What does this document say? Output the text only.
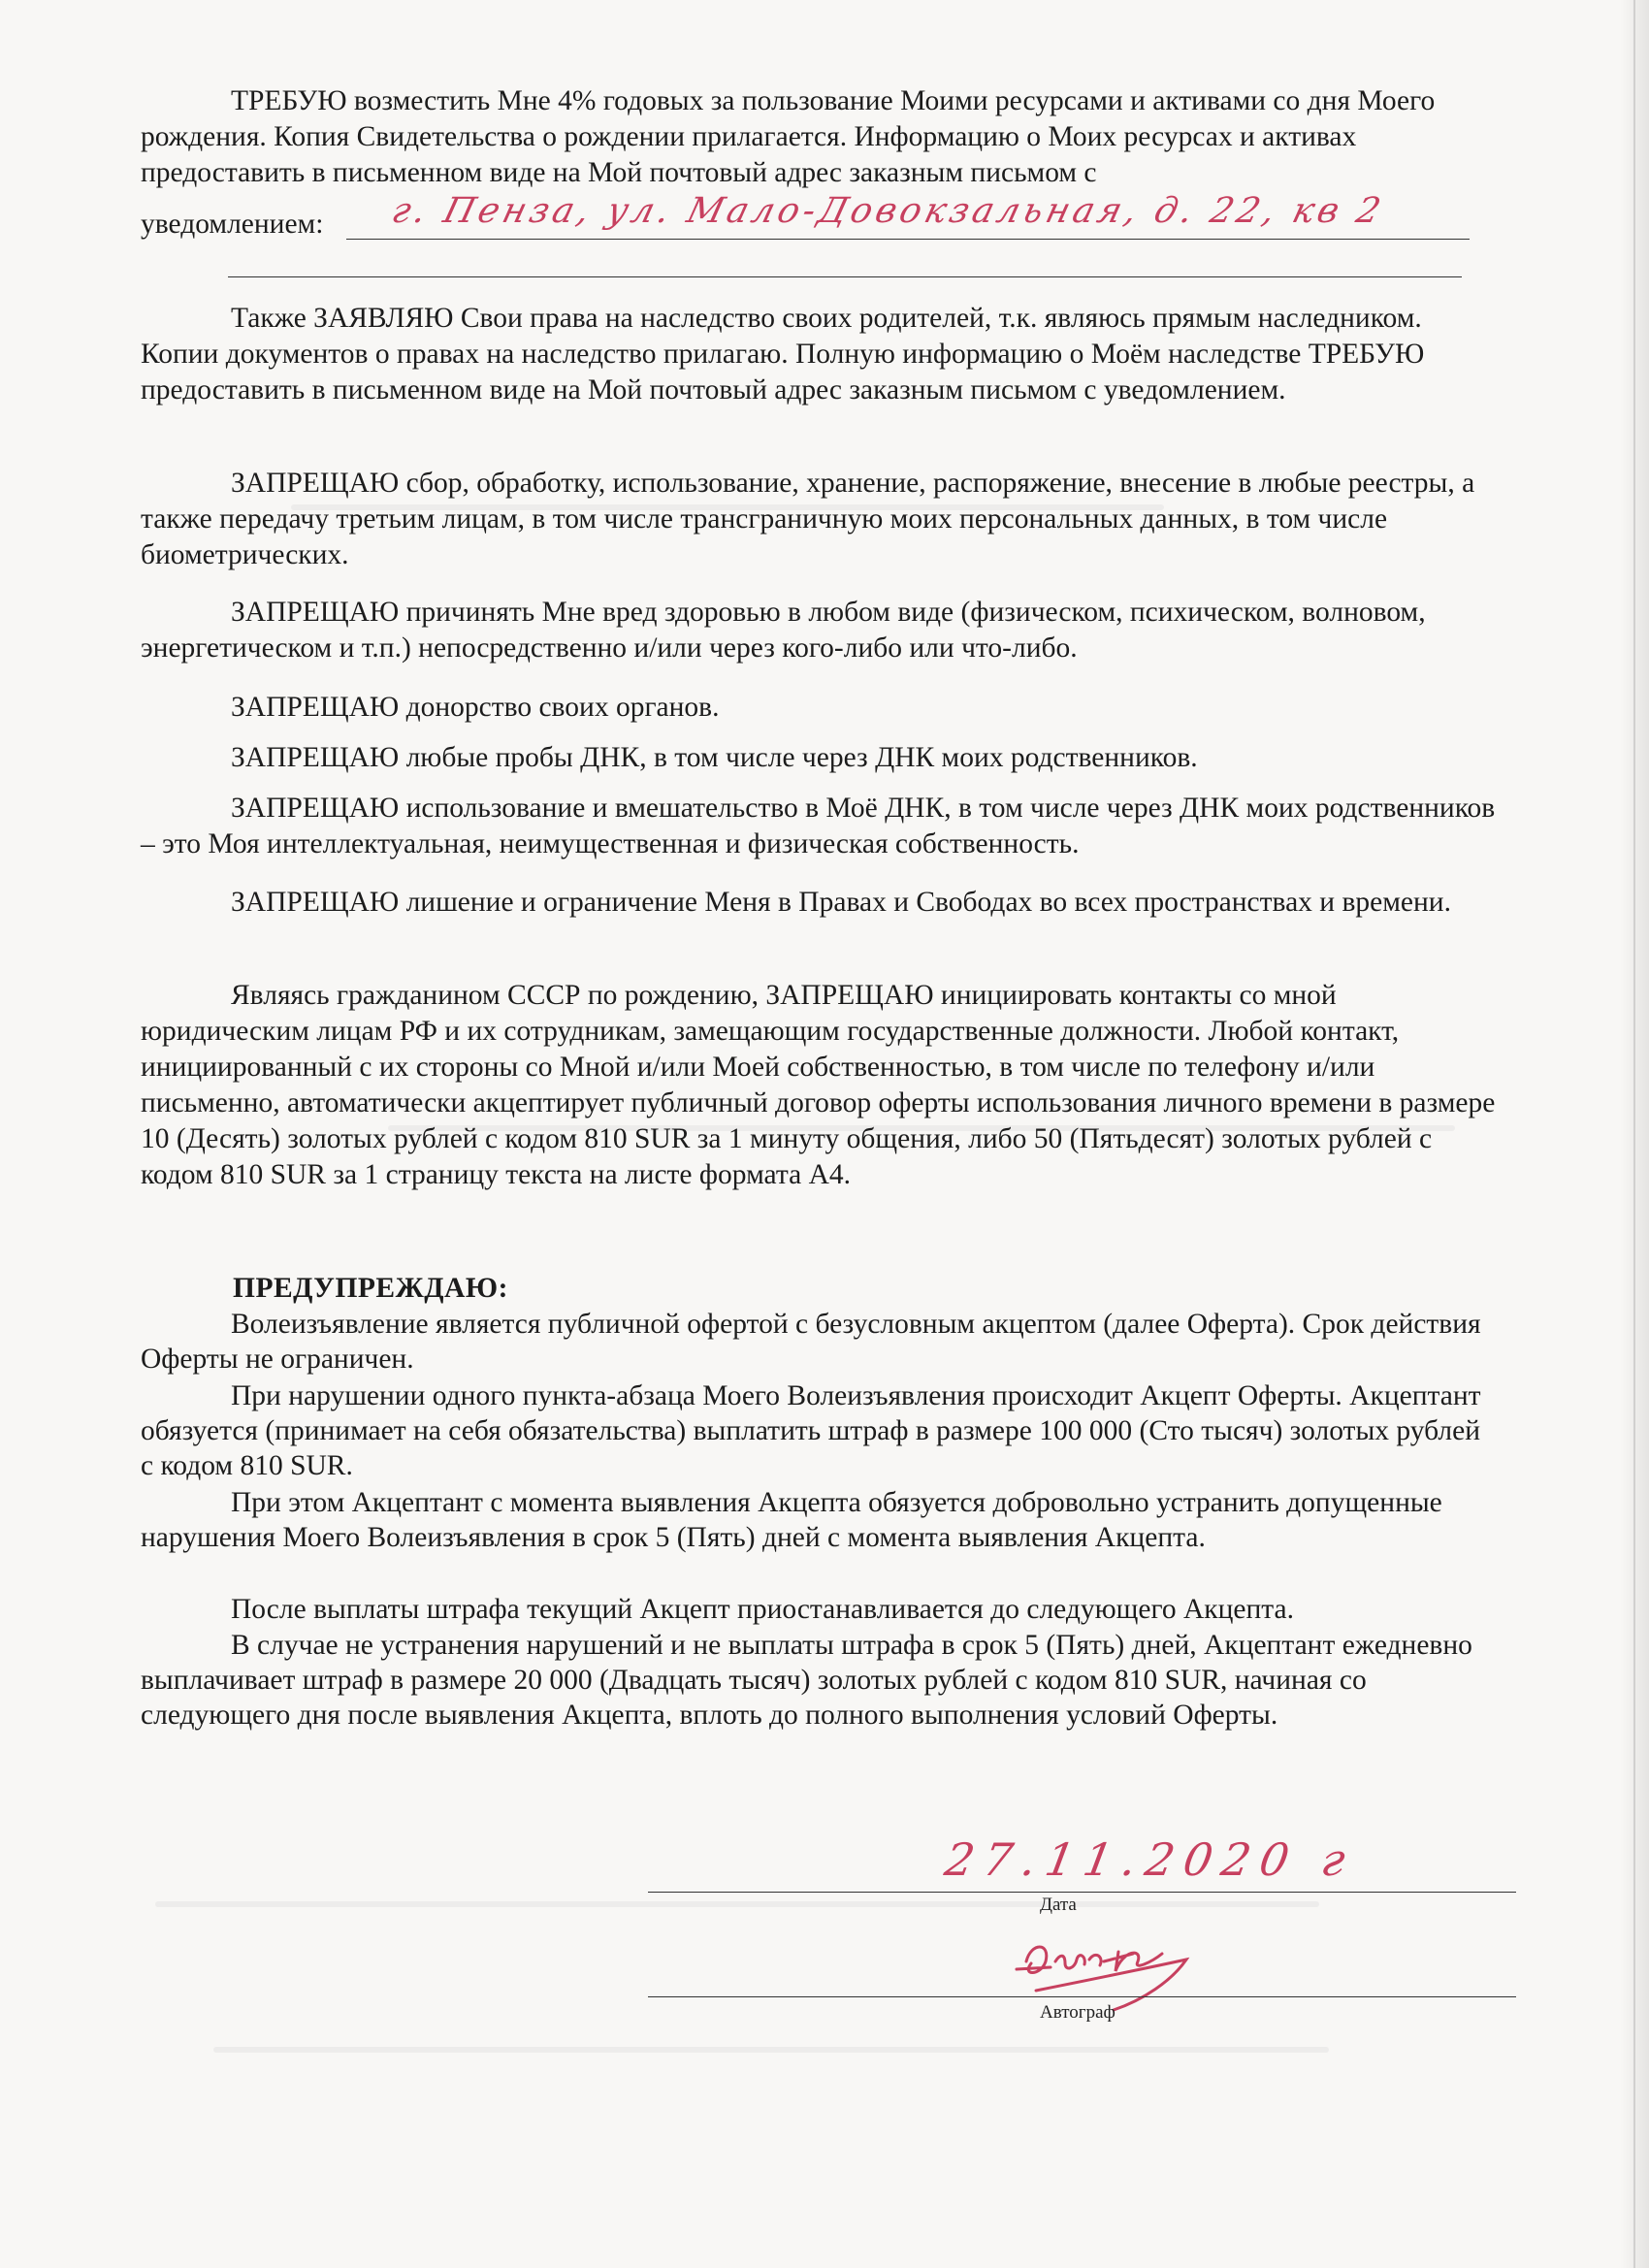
ТРЕБУЮ возместить Мне 4% годовых за пользование Моими ресурсами и активами со дня Моего рождения. Копия Свидетельства о рождении прилагается. Информацию о Моих ресурсах и активах предоставить в письменном виде на Мой почтовый адрес заказным письмом с

уведомлением: г. Пенза, ул. Мало-Довокзальная, д. 22, кв 2

Также ЗАЯВЛЯЮ Свои права на наследство своих родителей, т.к. являюсь прямым наследником. Копии документов о правах на наследство прилагаю. Полную информацию о Моём наследстве ТРЕБУЮ предоставить в письменном виде на Мой почтовый адрес заказным письмом с уведомлением.

ЗАПРЕЩАЮ сбор, обработку, использование, хранение, распоряжение, внесение в любые реестры, а также передачу третьим лицам, в том числе трансграничную моих персональных данных, в том числе биометрических.

ЗАПРЕЩАЮ причинять Мне вред здоровью в любом виде (физическом, психическом, волновом, энергетическом и т.п.) непосредственно и/или через кого-либо или что-либо.

ЗАПРЕЩАЮ донорство своих органов.

ЗАПРЕЩАЮ любые пробы ДНК, в том числе через ДНК моих родственников.

ЗАПРЕЩАЮ использование и вмешательство в Моё ДНК, в том числе через ДНК моих родственников – это Моя интеллектуальная, неимущественная и физическая собственность.

ЗАПРЕЩАЮ лишение и ограничение Меня в Правах и Свободах во всех пространствах и времени.

Являясь гражданином СССР по рождению, ЗАПРЕЩАЮ инициировать контакты со мной юридическим лицам РФ и их сотрудникам, замещающим государственные должности. Любой контакт, инициированный с их стороны со Мной и/или Моей собственностью, в том числе по телефону и/или письменно, автоматически акцептирует публичный договор оферты использования личного времени в размере 10 (Десять) золотых рублей с кодом 810 SUR за 1 минуту общения, либо 50 (Пятьдесят) золотых рублей с кодом 810 SUR за 1 страницу текста на листе формата А4.

ПРЕДУПРЕЖДАЮ:

Волеизъявление является публичной офертой с безусловным акцептом (далее Оферта). Срок действия Оферты не ограничен.

При нарушении одного пункта-абзаца Моего Волеизъявления происходит Акцепт Оферты. Акцептант обязуется (принимает на себя обязательства) выплатить штраф в размере 100 000 (Сто тысяч) золотых рублей с кодом 810 SUR.

При этом Акцептант с момента выявления Акцепта обязуется добровольно устранить допущенные нарушения Моего Волеизъявления в срок 5 (Пять) дней с момента выявления Акцепта.

После выплаты штрафа текущий Акцепт приостанавливается до следующего Акцепта.

В случае не устранения нарушений и не выплаты штрафа в срок 5 (Пять) дней, Акцептант ежедневно выплачивает штраф в размере 20 000 (Двадцать тысяч) золотых рублей с кодом 810 SUR, начиная со следующего дня после выявления Акцепта, вплоть до полного выполнения условий Оферты.

27.11.2020 г
Дата
Автограф
